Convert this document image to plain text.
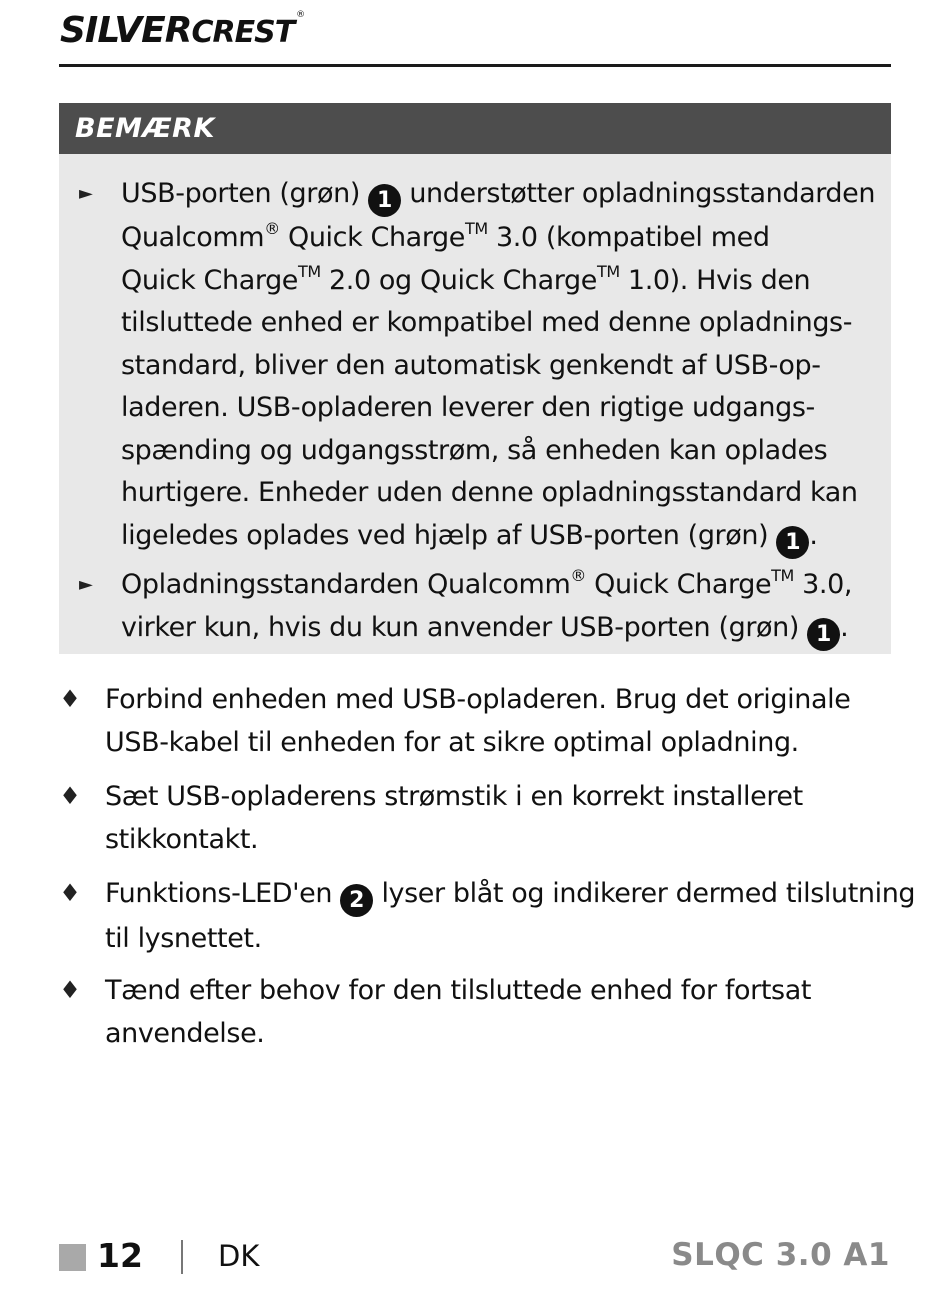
SILVERCREST ®
BEMÆRK
► USB-porten (grøn) 1 understøtter opladningsstandarden
Qualcomm® Quick Charge™ 3.0 (kompatibel med
Quick Charge™ 2.0 og Quick Charge™ 1.0). Hvis den
tilsluttede enhed er kompatibel med denne opladnings-
standard, bliver den automatisk genkendt af USB-op-
laderen. USB-opladeren leverer den rigtige udgangs-
spænding og udgangsstrøm, så enheden kan oplades
hurtigere. Enheder uden denne opladningsstandard kan
ligeledes oplades ved hjælp af USB-porten (grøn) 1 .
► Opladningsstandarden Qualcomm® Quick Charge™ 3.0,
virker kun, hvis du kun anvender USB-porten (grøn) 1 .
♦ Forbind enheden med USB-opladeren. Brug det originale
USB-kabel til enheden for at sikre optimal opladning.
♦ Sæt USB-opladerens strømstik i en korrekt installeret
stikkontakt.
♦ Funktions-LED'en 2 lyser blåt og indikerer dermed tilslutning
til lysnettet.
♦ Tænd efter behov for den tilsluttede enhed for fortsat
anvendelse.
12	DK	SLQC 3.0 A1
